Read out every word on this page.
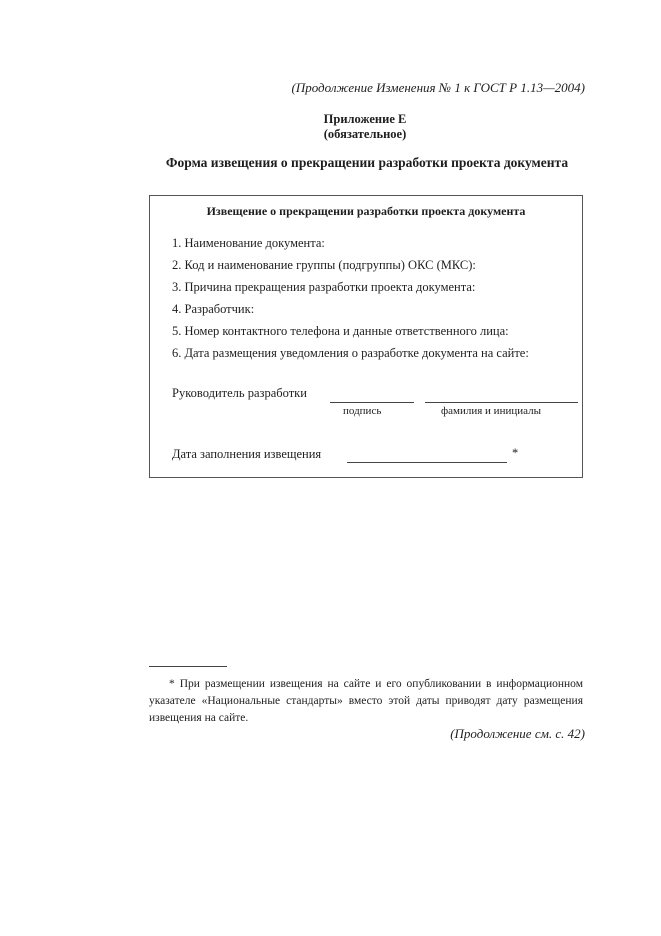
(Продолжение Изменения № 1 к ГОСТ Р 1.13—2004)
Приложение Е
(обязательное)
Форма извещения о прекращении разработки проекта документа
Извещение о прекращении разработки проекта документа
1. Наименование документа:
2. Код и наименование группы (подгруппы) ОКС (МКС):
3. Причина прекращения разработки проекта документа:
4. Разработчик:
5. Номер контактного телефона и данные ответственного лица:
6. Дата размещения уведомления о разработке документа на сайте:
Руководитель разработки
подпись	фамилия и инициалы
Дата заполнения извещения	*
* При размещении извещения на сайте и его опубликовании в информационном указателе «Национальные стандарты» вместо этой даты приводят дату размещения извещения на сайте.
(Продолжение см. с. 42)
